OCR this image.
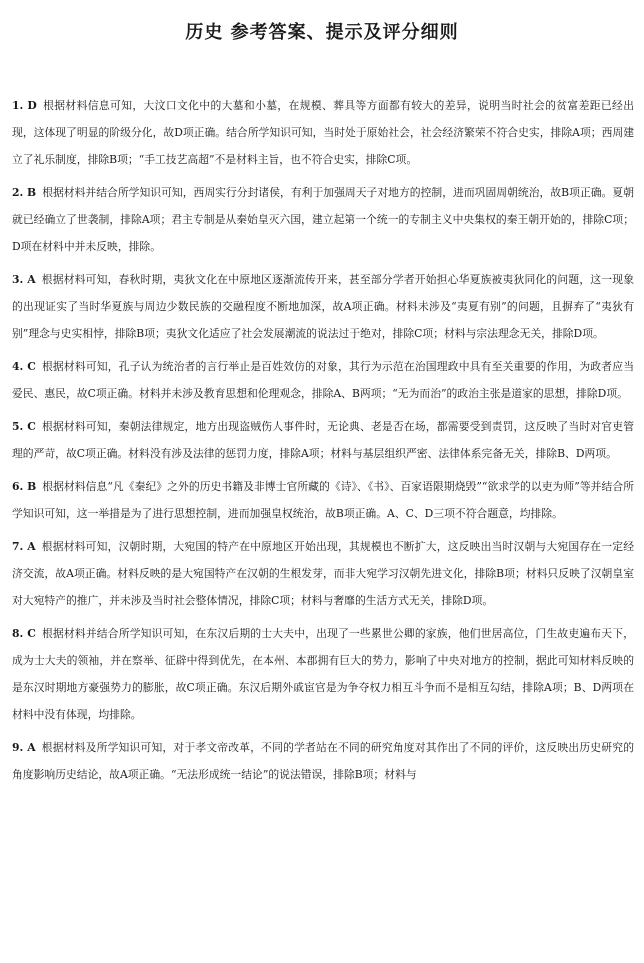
历史 参考答案、提示及评分细则

1. D 根据材料信息可知，大汶口文化中的大墓和小墓，在规模、葬具等方面都有较大的差异，说明当时社会的贫富差距已经出现，这体现了明显的阶级分化，故D项正确。结合所学知识可知，当时处于原始社会，社会经济繁荣不符合史实，排除A项；西周建立了礼乐制度，排除B项；“手工技艺高超”不是材料主旨，也不符合史实，排除C项。

2. B 根据材料并结合所学知识可知，西周实行分封诸侯，有利于加强周天子对地方的控制，进而巩固周朝统治，故B项正确。夏朝就已经确立了世袭制，排除A项；君主专制是从秦始皇灭六国，建立起第一个统一的专制主义中央集权的秦王朝开始的，排除C项；D项在材料中并未反映，排除。

3. A 根据材料可知，春秋时期，夷狄文化在中原地区逐渐流传开来，甚至部分学者开始担心华夏族被夷狄同化的问题，这一现象的出现证实了当时华夏族与周边少数民族的交融程度不断地加深，故A项正确。材料未涉及“夷夏有别”的问题，且摒弃了“夷狄有别”理念与史实相悖，排除B项；夷狄文化适应了社会发展潮流的说法过于绝对，排除C项；材料与宗法理念无关，排除D项。

4. C 根据材料可知，孔子认为统治者的言行举止是百姓效仿的对象，其行为示范在治国理政中具有至关重要的作用，为政者应当爱民、惠民，故C项正确。材料并未涉及教育思想和伦理观念，排除A、B两项；“无为而治”的政治主张是道家的思想，排除D项。

5. C 根据材料可知，秦朝法律规定，地方出现盗贼伤人事件时，无论典、老是否在场，都需要受到责罚，这反映了当时对官吏管理的严苛，故C项正确。材料没有涉及法律的惩罚力度，排除A项；材料与基层组织严密、法律体系完备无关，排除B、D两项。

6. B 根据材料信息“凡《秦纪》之外的历史书籍及非博士官所藏的《诗》、《书》、百家语限期烧毁”“欲求学的以吏为师”等并结合所学知识可知，这一举措是为了进行思想控制，进而加强皇权统治，故B项正确。A、C、D三项不符合题意，均排除。

7. A 根据材料可知，汉朝时期，大宛国的特产在中原地区开始出现，其规模也不断扩大，这反映出当时汉朝与大宛国存在一定经济交流，故A项正确。材料反映的是大宛国特产在汉朝的生根发芽，而非大宛学习汉朝先进文化，排除B项；材料只反映了汉朝皇室对大宛特产的推广，并未涉及当时社会整体情况，排除C项；材料与奢靡的生活方式无关，排除D项。

8. C 根据材料并结合所学知识可知，在东汉后期的士大夫中，出现了一些累世公卿的家族，他们世居高位，门生故吏遍布天下，成为士大夫的领袖，并在察举、征辟中得到优先，在本州、本郡拥有巨大的势力，影响了中央对地方的控制，据此可知材料反映的是东汉时期地方豪强势力的膨胀，故C项正确。东汉后期外戚宦官是为争夺权力相互斗争而不是相互勾结，排除A项；B、D两项在材料中没有体现，均排除。

9. A 根据材料及所学知识可知，对于孝文帝改革，不同的学者站在不同的研究角度对其作出了不同的评价，这反映出历史研究的角度影响历史结论，故A项正确。“无法形成统一结论”的说法错误，排除B项；材料与
